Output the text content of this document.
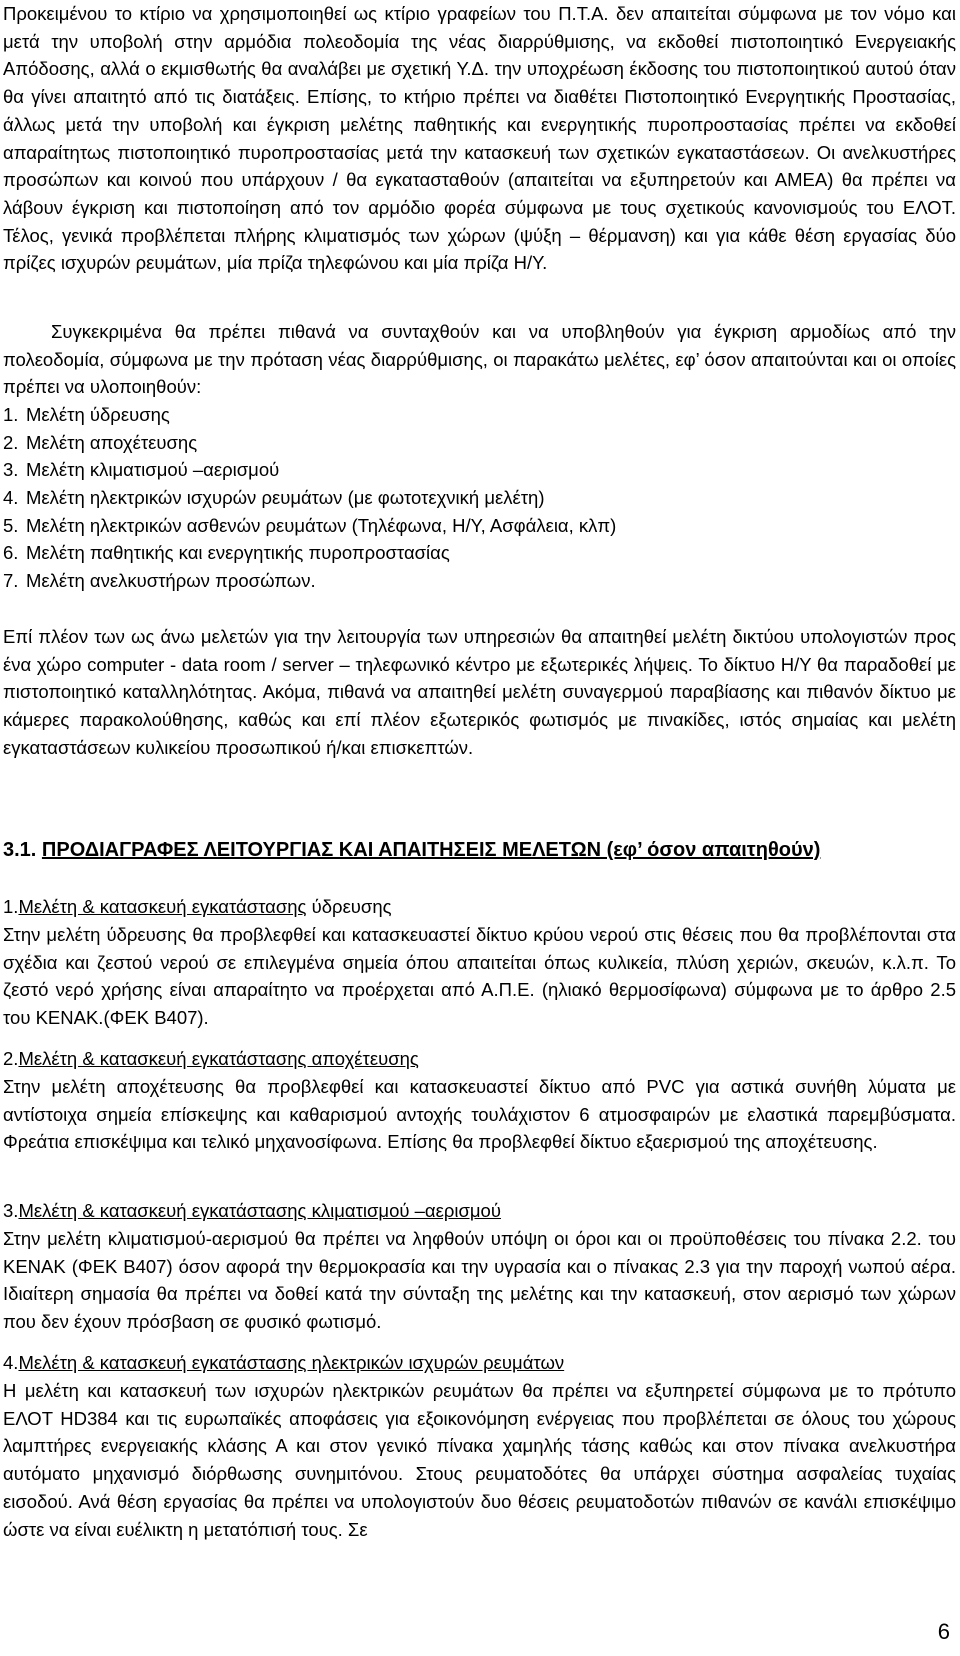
Προκειμένου το κτίριο να χρησιμοποιηθεί ως κτίριο γραφείων του Π.Τ.Α. δεν απαιτείται σύμφωνα με τον νόμο και μετά την υποβολή στην αρμόδια πολεοδομία της νέας διαρρύθμισης, να εκδοθεί πιστοποιητικό Ενεργειακής Απόδοσης, αλλά ο εκμισθωτής θα αναλάβει με σχετική Υ.Δ. την υποχρέωση έκδοσης του πιστοποιητικού αυτού όταν θα γίνει απαιτητό από τις διατάξεις. Επίσης, το κτήριο πρέπει να διαθέτει Πιστοποιητικό Ενεργητικής Προστασίας, άλλως μετά την υποβολή και έγκριση μελέτης παθητικής και ενεργητικής πυροπροστασίας πρέπει να εκδοθεί απαραίτητως πιστοποιητικό πυροπροστασίας μετά την κατασκευή των σχετικών εγκαταστάσεων. Οι ανελκυστήρες προσώπων και κοινού που υπάρχουν / θα εγκατασταθούν (απαιτείται να εξυπηρετούν και ΑΜΕΑ) θα πρέπει να λάβουν έγκριση και πιστοποίηση από τον αρμόδιο φορέα σύμφωνα με τους σχετικούς κανονισμούς του ΕΛΟΤ. Τέλος, γενικά προβλέπεται πλήρης κλιματισμός των χώρων (ψύξη – θέρμανση) και για κάθε θέση εργασίας δύο πρίζες ισχυρών ρευμάτων, μία πρίζα τηλεφώνου και μία πρίζα Η/Υ.

Συγκεκριμένα θα πρέπει πιθανά να συνταχθούν και να υποβληθούν για έγκριση αρμοδίως από την πολεοδομία, σύμφωνα με την πρόταση νέας διαρρύθμισης, οι παρακάτω μελέτες, εφ’ όσον απαιτούνται και οι οποίες πρέπει να υλοποιηθούν:

1 . Μελέτη ύδρευσης
2 . Μελέτη αποχέτευσης
3 . Μελέτη κλιματισμού –αερισμού
4 . Μελέτη ηλεκτρικών ισχυρών ρευμάτων (με φωτοτεχνική μελέτη)
5 . Μελέτη ηλεκτρικών ασθενών ρευμάτων (Τηλέφωνα, Η/Υ, Ασφάλεια, κλπ)
6 . Μελέτη παθητικής και ενεργητικής πυροπροστασίας
7 . Μελέτη ανελκυστήρων προσώπων.

Επί πλέον των ως άνω μελετών για την λειτουργία των υπηρεσιών θα απαιτηθεί μελέτη δικτύου υπολογιστών προς ένα χώρο computer - data room / server – τηλεφωνικό κέντρο με εξωτερικές λήψεις. Το δίκτυο Η/Υ θα παραδοθεί με πιστοποιητικό καταλληλότητας. Ακόμα, πιθανά να απαιτηθεί μελέτη συναγερμού παραβίασης και πιθανόν δίκτυο με κάμερες παρακολούθησης, καθώς και επί πλέον εξωτερικός φωτισμός με πινακίδες, ιστός σημαίας και μελέτη εγκαταστάσεων κυλικείου προσωπικού ή/και επισκεπτών.

3.1. ΠΡΟΔΙΑΓΡΑΦΕΣ ΛΕΙΤΟΥΡΓΙΑΣ ΚΑΙ ΑΠΑΙΤΗΣΕΙΣ ΜΕΛΕΤΩΝ (εφ’ όσον απαιτηθούν)

1.Μελέτη & κατασκευή εγκατάστασης ύδρευσης

Στην μελέτη ύδρευσης θα προβλεφθεί και κατασκευαστεί δίκτυο κρύου νερού στις θέσεις που θα προβλέπονται στα σχέδια και ζεστού νερού σε επιλεγμένα σημεία όπου απαιτείται όπως κυλικεία, πλύση χεριών, σκευών, κ.λ.π. Το ζεστό νερό χρήσης είναι απαραίτητο να προέρχεται από Α.Π.Ε. (ηλιακό θερμοσίφωνα) σύμφωνα με το άρθρο 2.5 του ΚΕΝΑΚ.(ΦΕΚ Β407).

2.Μελέτη & κατασκευή εγκατάστασης αποχέτευσης

Στην μελέτη αποχέτευσης θα προβλεφθεί και κατασκευαστεί δίκτυο από PVC για αστικά συνήθη λύματα με αντίστοιχα σημεία επίσκεψης και καθαρισμού αντοχής τουλάχιστον 6 ατμοσφαιρών με ελαστικά παρεμβύσματα. Φρεάτια επισκέψιμα και τελικό μηχανοσίφωνα. Επίσης θα προβλεφθεί δίκτυο εξαερισμού της αποχέτευσης.

3.Μελέτη & κατασκευή εγκατάστασης κλιματισμού –αερισμού

Στην μελέτη κλιματισμού-αερισμού θα πρέπει να ληφθούν υπόψη οι όροι και οι προϋποθέσεις του πίνακα 2.2. του ΚΕΝΑΚ (ΦΕΚ Β407) όσον αφορά την θερμοκρασία και την υγρασία και ο πίνακας 2.3 για την παροχή νωπού αέρα. Ιδιαίτερη σημασία θα πρέπει να δοθεί κατά την σύνταξη της μελέτης και την κατασκευή, στον αερισμό των χώρων που δεν έχουν πρόσβαση σε φυσικό φωτισμό.

4.Μελέτη & κατασκευή εγκατάστασης ηλεκτρικών ισχυρών ρευμάτων

Η μελέτη και κατασκευή των ισχυρών ηλεκτρικών ρευμάτων θα πρέπει να εξυπηρετεί σύμφωνα με το πρότυπο ΕΛΟΤ HD384 και τις ευρωπαϊκές αποφάσεις για εξοικονόμηση ενέργειας που προβλέπεται σε όλους του χώρους λαμπτήρες ενεργειακής κλάσης Α και στον γενικό πίνακα χαμηλής τάσης καθώς και στον πίνακα ανελκυστήρα αυτόματο μηχανισμό διόρθωσης συνημιτόνου. Στους ρευματοδότες θα υπάρχει σύστημα ασφαλείας τυχαίας εισοδού. Ανά θέση εργασίας θα πρέπει να υπολογιστούν δυο θέσεις ρευματοδοτών πιθανών σε κανάλι επισκέψιμο ώστε να είναι ευέλικτη η μετατόπισή τους. Σε

6
